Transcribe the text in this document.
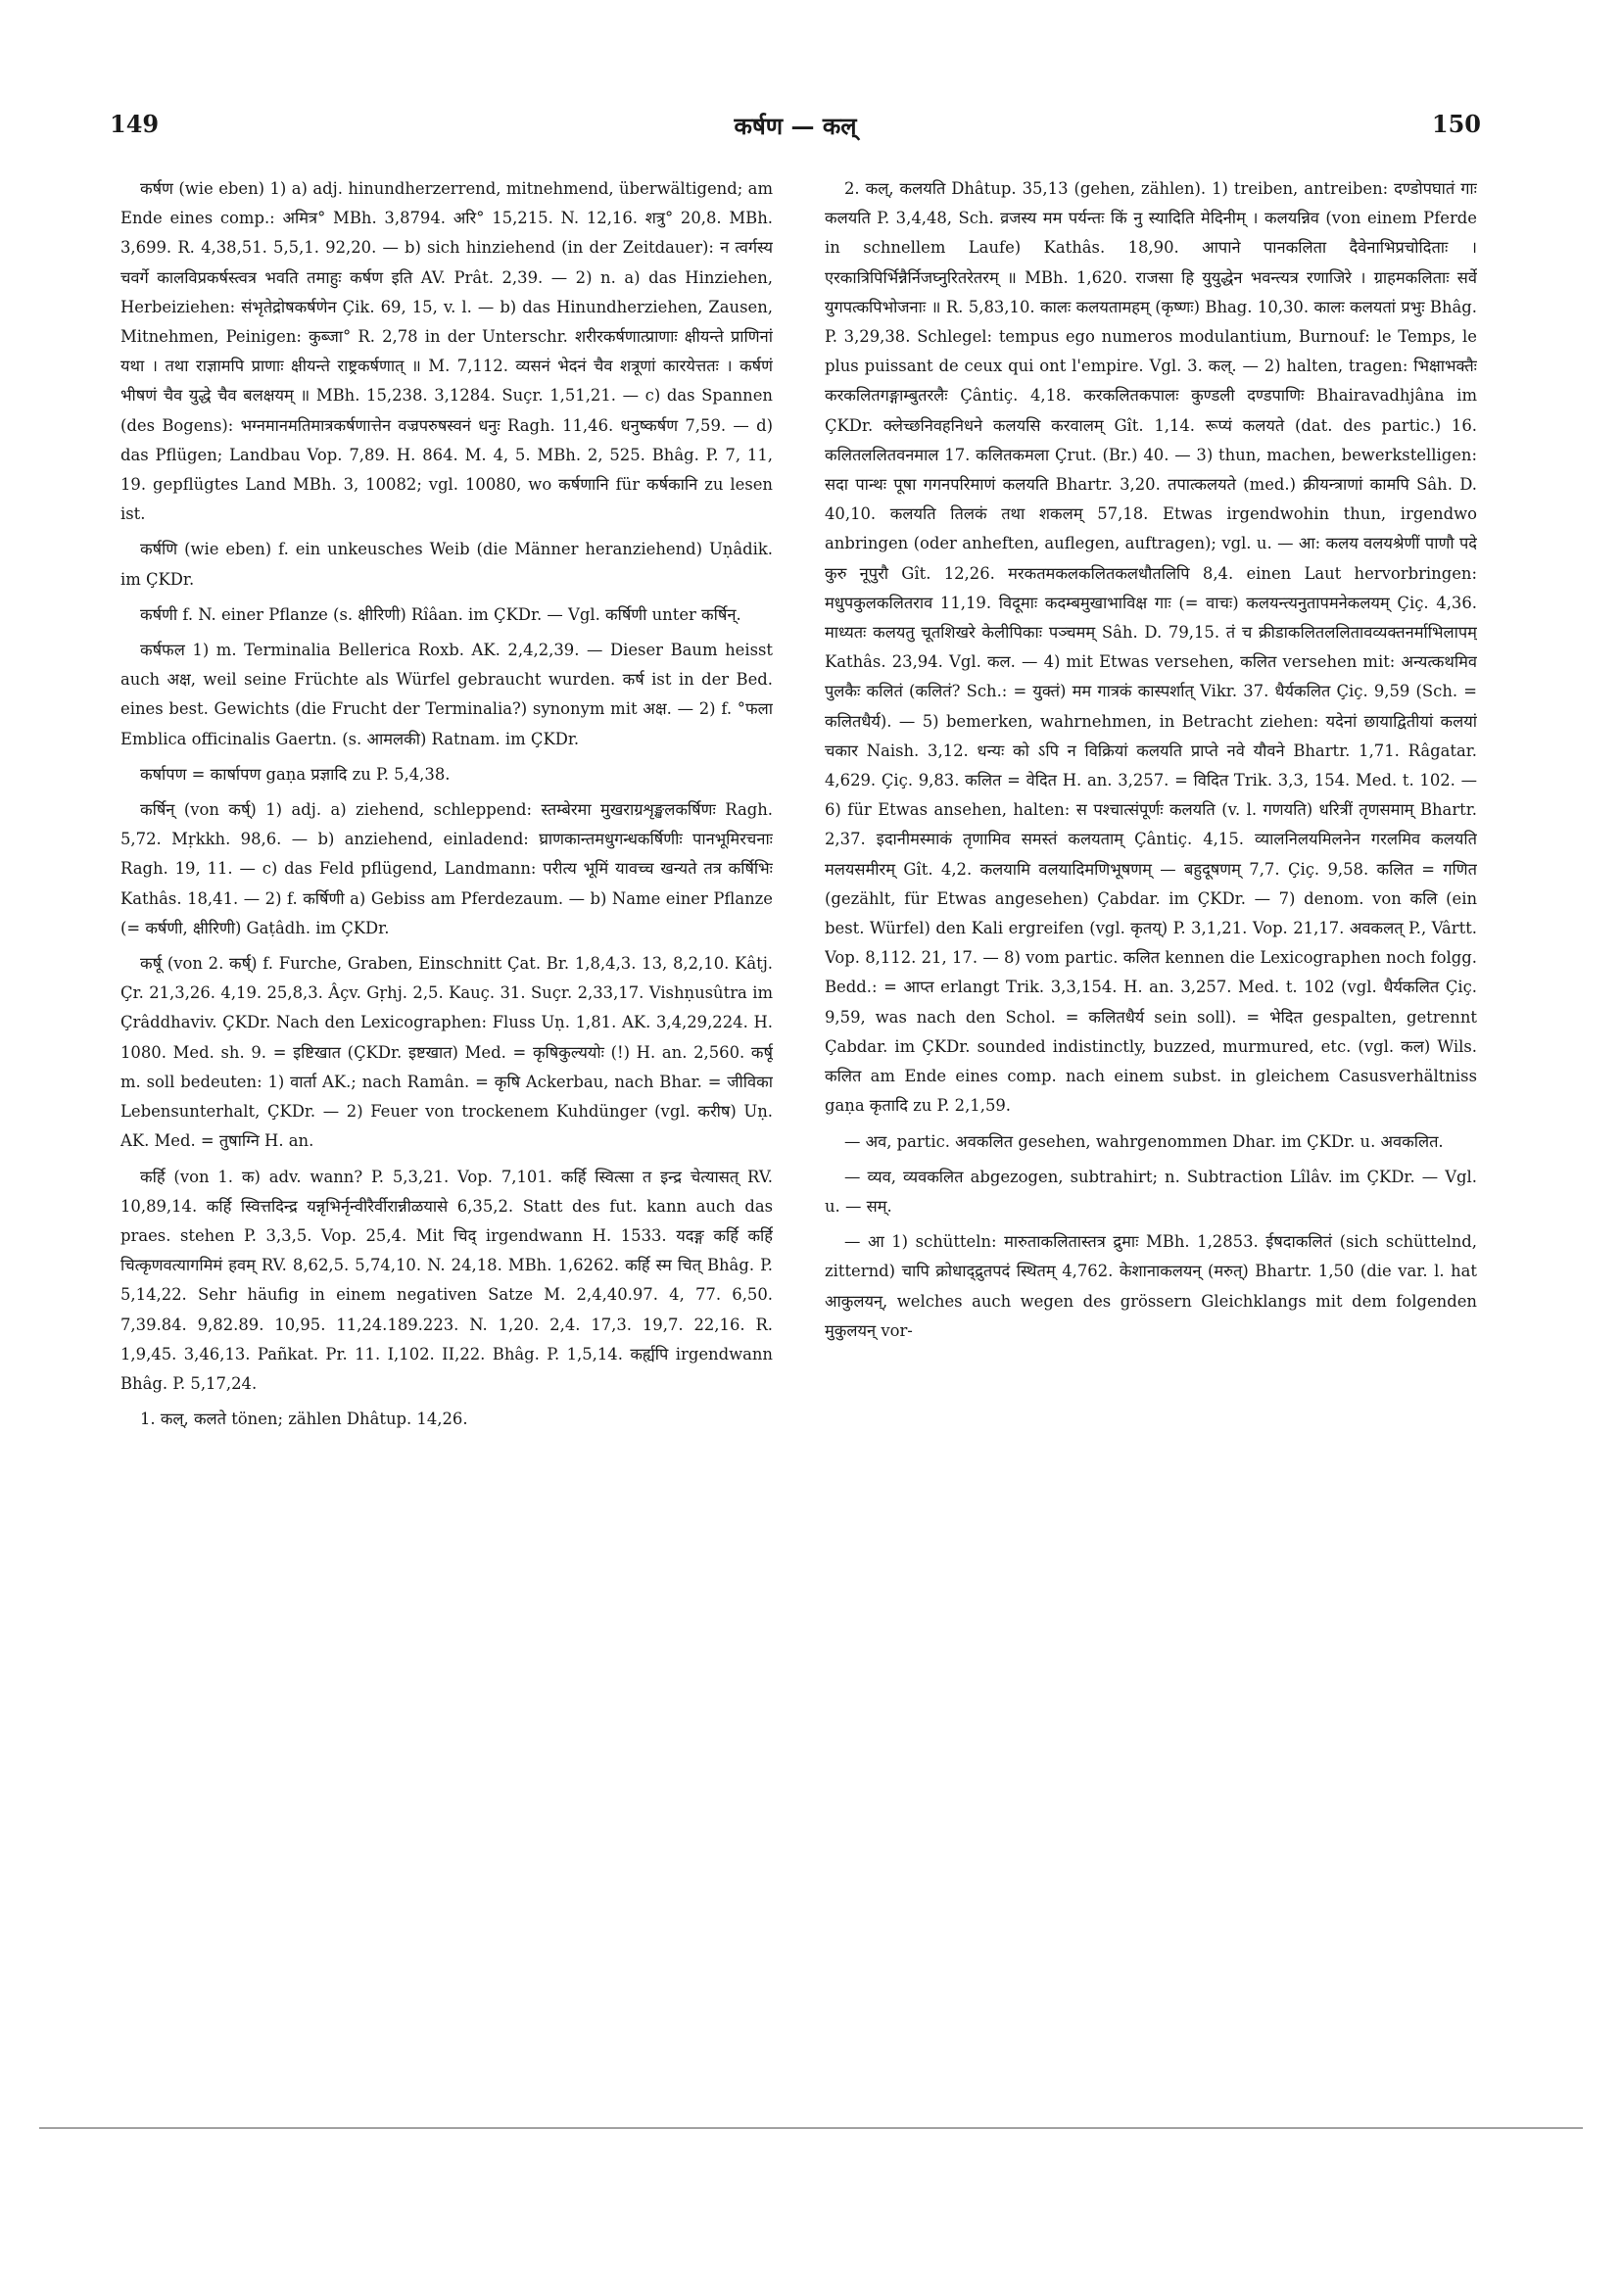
149	कर्षण — कल्	150

कर्षण (wie eben) 1) a) adj. hinundherzerrend, mitnehmend, überwältigend; am Ende eines comp.: अमित्र° MBh. 3,8794. अरि° 15,215. N. 12,16. शत्रु° 20,8. MBh. 3,699. R. 4,38,51. 5,5,1. 92,20. — b) sich hinziehend (in der Zeitdauer): न त्वर्गस्य चवर्गे कालविप्रकर्षस्त्वत्र भवति तमाहुः कर्षण इति AV. Prât. 2,39. — 2) n. a) das Hinziehen, Herbeiziehen: संभृतेद्रोषकर्षणेन Çik. 69, 15, v. l. — b) das Hinundherziehen, Zausen, Mitnehmen, Peinigen: कुब्जा° R. 2,78 in der Unterschr. शरीरकर्षणात्प्राणाः क्षीयन्ते प्राणिनां यथा । तथा राज्ञामपि प्राणाः क्षीयन्ते राष्ट्रकर्षणात् ॥ M. 7,112. व्यसनं भेदनं चैव शत्रूणां कारयेत्ततः । कर्षणं भीषणं चैव युद्धे चैव बलक्षयम् ॥ MBh. 15,238. 3,1284. Suçr. 1,51,21. — c) das Spannen (des Bogens): भग्नमानमतिमात्रकर्षणात्तेन वज्रपरुषस्वनं धनुः Ragh. 11,46. धनुष्कर्षण 7,59. — d) das Pflügen; Landbau Vop. 7,89. H. 864. M. 4, 5. MBh. 2, 525. Bhâg. P. 7, 11, 19. gepflügtes Land MBh. 3, 10082; vgl. 10080, wo कर्षणानि für कर्षकानि zu lesen ist.

कर्षणि (wie eben) f. ein unkeusches Weib (die Männer heranziehend) Uṇâdik. im ÇKDr.

कर्षणी f. N. einer Pflanze (s. क्षीरिणी) Rîâan. im ÇKDr. — Vgl. कर्षिणी unter कर्षिन्.

कर्षफल 1) m. Terminalia Bellerica Roxb. AK. 2,4,2,39. — Dieser Baum heisst auch अक्ष, weil seine Früchte als Würfel gebraucht wurden. कर्ष ist in der Bed. eines best. Gewichts (die Frucht der Terminalia?) synonym mit अक्ष. — 2) f. °फला Emblica officinalis Gaertn. (s. आमलकी) Ratnam. im ÇKDr.

कर्षापण = कार्षापण gaṇa प्रज्ञादि zu P. 5,4,38.

कर्षिन् (von कर्ष्) 1) adj. a) ziehend, schleppend: स्तम्बेरमा मुखराग्रशृङ्खलकर्षिणः Ragh. 5,72. Mṛkkh. 98,6. — b) anziehend, einladend: घ्राणकान्तमधुगन्धकर्षिणीः पानभूमिरचनाः Ragh. 19, 11. — c) das Feld pflügend, Landmann: परीत्य भूमिं यावच्च खन्यते तत्र कर्षिभिः Kathâs. 18,41. — 2) f. कर्षिणी a) Gebiss am Pferdezaum. — b) Name einer Pflanze (= कर्षणी, क्षीरिणी) Gaṭâdh. im ÇKDr.

कर्षू (von 2. कर्ष्) f. Furche, Graben, Einschnitt Çat. Br. 1,8,4,3. 13, 8,2,10. Kâtj. Çr. 21,3,26. 4,19. 25,8,3. Âçv. Gṛhj. 2,5. Kauç. 31. Suçr. 2,33,17. Vishṇusûtra im Çrâddhaviv. ÇKDr. Nach den Lexicographen: Fluss Uṇ. 1,81. AK. 3,4,29,224. H. 1080. Med. sh. 9. = इष्टिखात (ÇKDr. इष्टखात) Med. = कृषिकुल्ययोः (!) H. an. 2,560. कर्षू m. soll bedeuten: 1) वार्ता AK.; nach Ramân. = कृषि Ackerbau, nach Bhar. = जीविका Lebensunterhalt, ÇKDr. — 2) Feuer von trockenem Kuhdünger (vgl. करीष) Uṇ. AK. Med. = तुषाग्नि H. an.

कर्हि (von 1. क) adv. wann? P. 5,3,21. Vop. 7,101. कर्हि स्वित्सा त इन्द्र चेत्यासत् RV. 10,89,14. कर्हि स्वित्तदिन्द्र यन्नृभिर्नृन्वीरैर्वीरान्नीळयासे 6,35,2. Statt des fut. kann auch das praes. stehen P. 3,3,5. Vop. 25,4. Mit चिद् irgendwann H. 1533. यदङ्ग कर्हि कर्हि चित्कृणवत्यागमिमं हवम् RV. 8,62,5. 5,74,10. N. 24,18. MBh. 1,6262. कर्हि स्म चित् Bhâg. P. 5,14,22. Sehr häufig in einem negativen Satze M. 2,4,40.97. 4, 77. 6,50. 7,39.84. 9,82.89. 10,95. 11,24.189.223. N. 1,20. 2,4. 17,3. 19,7. 22,16. R. 1,9,45. 3,46,13. Pañkat. Pr. 11. I,102. II,22. Bhâg. P. 1,5,14. कर्ह्यपि irgendwann Bhâg. P. 5,17,24.

1. कल्, कलते tönen; zählen Dhâtup. 14,26.

2. कल्, कलयति Dhâtup. 35,13 (gehen, zählen). 1) treiben, antreiben: दण्डोपघातं गाः कलयति P. 3,4,48, Sch. व्रजस्य मम पर्यन्तः किं नु स्यादिति मेदिनीम् । कलयन्निव (von einem Pferde in schnellem Laufe) Kathâs. 18,90. आपाने पानकलिता दैवेनाभिप्रचोदिताः । एरकात्रिपिर्भिन्नैर्निजघ्नुरितरेतरम् ॥ MBh. 1,620. राजसा हि युयुद्धेन भवन्त्यत्र रणाजिरे । ग्राहमकलिताः सर्वे युगपत्कपिभोजनाः ॥ R. 5,83,10. कालः कलयतामहम् (कृष्णः) Bhag. 10,30. कालः कलयतां प्रभुः Bhâg. P. 3,29,38. Schlegel: tempus ego numeros modulantium, Burnouf: le Temps, le plus puissant de ceux qui ont l'empire. Vgl. 3. कल्. — 2) halten, tragen: भिक्षाभक्तैः करकलितगङ्गाम्बुतरलैः Çântiç. 4,18. करकलितकपालः कुण्डली दण्डपाणिः Bhairavadhjâna im ÇKDr. क्लेच्छनिवहनिधने कलयसि करवालम् Gît. 1,14. रूप्यं कलयते (dat. des partic.) 16. कलितललितवनमाल 17. कलितकमला Çrut. (Br.) 40. — 3) thun, machen, bewerkstelligen: सदा पान्थः पूषा गगनपरिमाणं कलयति Bhartr. 3,20. तपात्कलयते (med.) क्रीयन्त्राणां कामपि Sâh. D. 40,10. कलयति तिलकं तथा शकलम् 57,18. Etwas irgendwohin thun, irgendwo anbringen (oder anheften, auflegen, auftragen); vgl. u. — आ: कलय वलयश्रेणीं पाणौ पदे कुरु नूपुरौ Gît. 12,26. मरकतमकलकलितकलधौतलिपि 8,4. einen Laut hervorbringen: मधुपकुलकलितराव 11,19. विदूमाः कदम्बमुखाभाविक्ष गाः (= वाचः) कलयन्त्यनुतापमनेकलयम् Çiç. 4,36. माध्यतः कलयतु चूतशिखरे केलीपिकाः पञ्चमम् Sâh. D. 79,15. तं च क्रीडाकलितललितावव्यक्तनर्माभिलापम् Kathâs. 23,94. Vgl. कल. — 4) mit Etwas versehen, कलित versehen mit: अन्यत्कथमिव पुलकैः कलितं (कलितं? Sch.: = युक्तं) मम गात्रकं कास्पर्शात् Vikr. 37. धैर्यकलित Çiç. 9,59 (Sch. = कलितधैर्य). — 5) bemerken, wahrnehmen, in Betracht ziehen: यदेनां छायाद्वितीयां कलयां चकार Naish. 3,12. धन्यः को ऽपि न विक्रियां कलयति प्राप्ते नवे यौवने Bhartr. 1,71. Râgatar. 4,629. Çiç. 9,83. कलित = वेदित H. an. 3,257. = विदित Trik. 3,3, 154. Med. t. 102. — 6) für Etwas ansehen, halten: स पश्चात्संपूर्णः कलयति (v. l. गणयति) धरित्रीं तृणसमाम् Bhartr. 2,37. इदानीमस्माकं तृणामिव समस्तं कलयताम् Çântiç. 4,15. व्यालनिलयमिलनेन गरलमिव कलयति मलयसमीरम् Gît. 4,2. कलयामि वलयादिमणिभूषणम् — बहुदूषणम् 7,7. Çiç. 9,58. कलित = गणित (gezählt, für Etwas angesehen) Çabdar. im ÇKDr. — 7) denom. von कलि (ein best. Würfel) den Kali ergreifen (vgl. कृतय्) P. 3,1,21. Vop. 21,17. अवकलत् P., Vârtt. Vop. 8,112. 21, 17. — 8) vom partic. कलित kennen die Lexicographen noch folgg. Bedd.: = आप्त erlangt Trik. 3,3,154. H. an. 3,257. Med. t. 102 (vgl. धैर्यकलित Çiç. 9,59, was nach den Schol. = कलितधैर्य sein soll). = भेदित gespalten, getrennt Çabdar. im ÇKDr. sounded indistinctly, buzzed, murmured, etc. (vgl. कल) Wils. कलित am Ende eines comp. nach einem subst. in gleichem Casusverhältniss gaṇa कृतादि zu P. 2,1,59.

— अव, partic. अवकलित gesehen, wahrgenommen Dhar. im ÇKDr. u. अवकलित.

— व्यव, व्यवकलित abgezogen, subtrahirt; n. Subtraction Lîlâv. im ÇKDr. — Vgl. u. — सम्.

— आ 1) schütteln: मारुताकलितास्तत्र द्रुमाः MBh. 1,2853. ईषदाकलितं (sich schüttelnd, zitternd) चापि क्रोधाद्द्रुतपदं स्थितम् 4,762. केशानाकलयन् (मरुत्) Bhartr. 1,50 (die var. l. hat आकुलयन्, welches auch wegen des grössern Gleichklangs mit dem folgenden मुकुलयन् vor-
